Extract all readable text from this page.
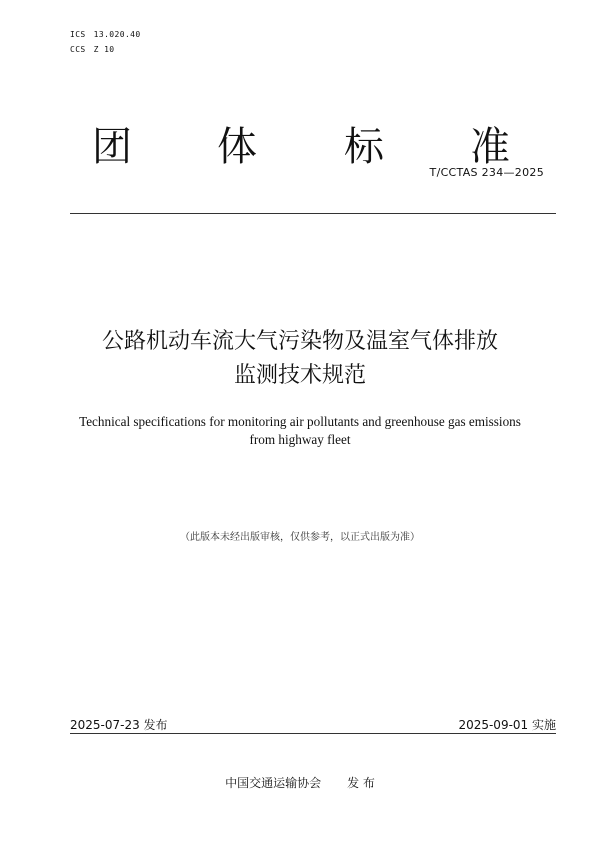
ICS 13.020.40
CCS Z 10
团 体 标 准
T/CCTAS 234—2025
公路机动车流大气污染物及温室气体排放
监测技术规范
Technical specifications for monitoring air pollutants and greenhouse gas emissions
from highway fleet
（此版本未经出版审核，仅供参考，以正式出版为准）
2025-07-23 发布	2025-09-01 实施
中国交通运输协会 发 布
